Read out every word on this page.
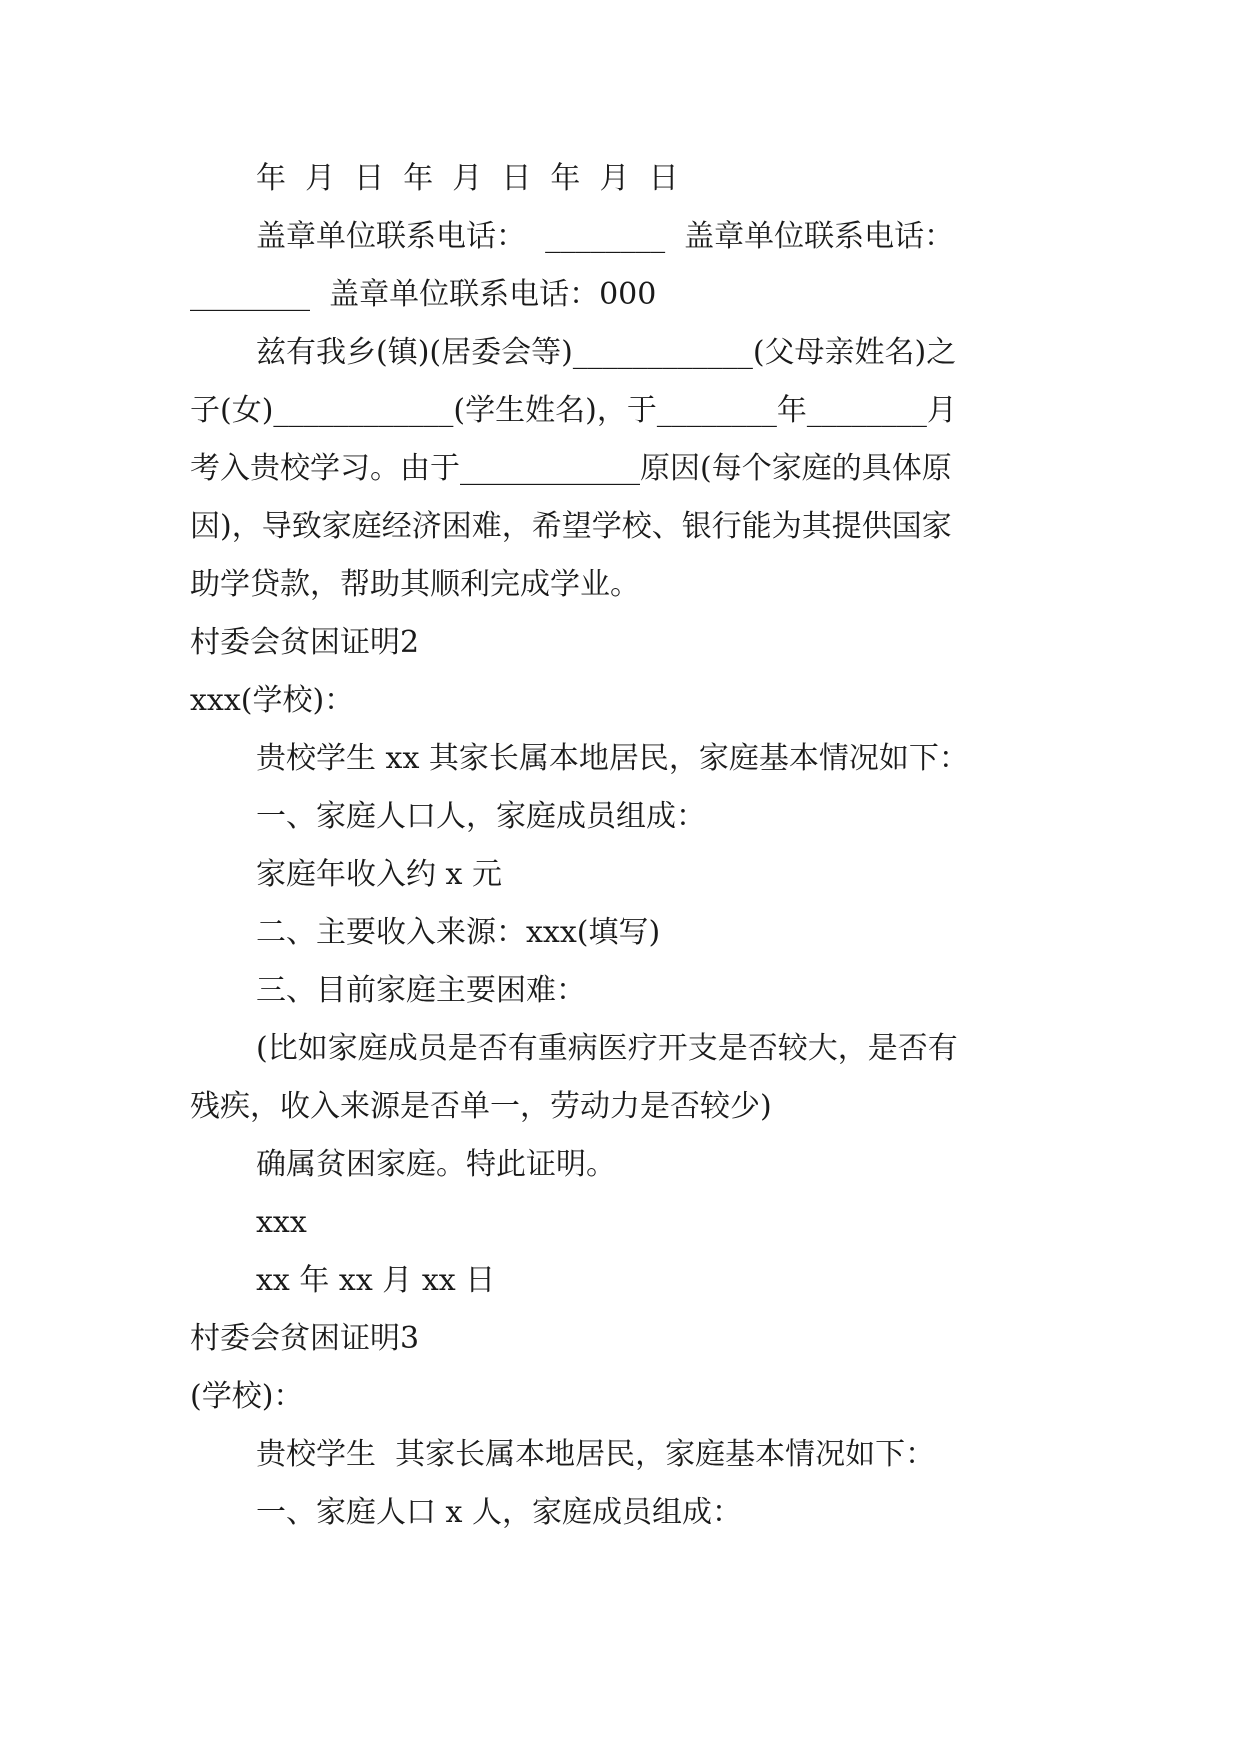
年  月  日  年  月  日  年  月  日
盖章单位联系电话：  ________  盖章单位联系电话：
________  盖章单位联系电话：000
兹有我乡(镇)(居委会等)____________(父母亲姓名)之
子(女)____________(学生姓名)，于________年________月
考入贵校学习。由于____________原因(每个家庭的具体原
因)，导致家庭经济困难，希望学校、银行能为其提供国家
助学贷款，帮助其顺利完成学业。
村委会贫困证明2
xxx(学校)：
贵校学生 xx 其家长属本地居民，家庭基本情况如下：
一、家庭人口人，家庭成员组成：
家庭年收入约 x 元
二、主要收入来源：xxx(填写)
三、目前家庭主要困难：
(比如家庭成员是否有重病医疗开支是否较大，是否有
残疾，收入来源是否单一，劳动力是否较少)
确属贫困家庭。特此证明。
xxx
xx 年 xx 月 xx 日
村委会贫困证明3
(学校)：
贵校学生  其家长属本地居民，家庭基本情况如下：
一、家庭人口 x 人，家庭成员组成：
